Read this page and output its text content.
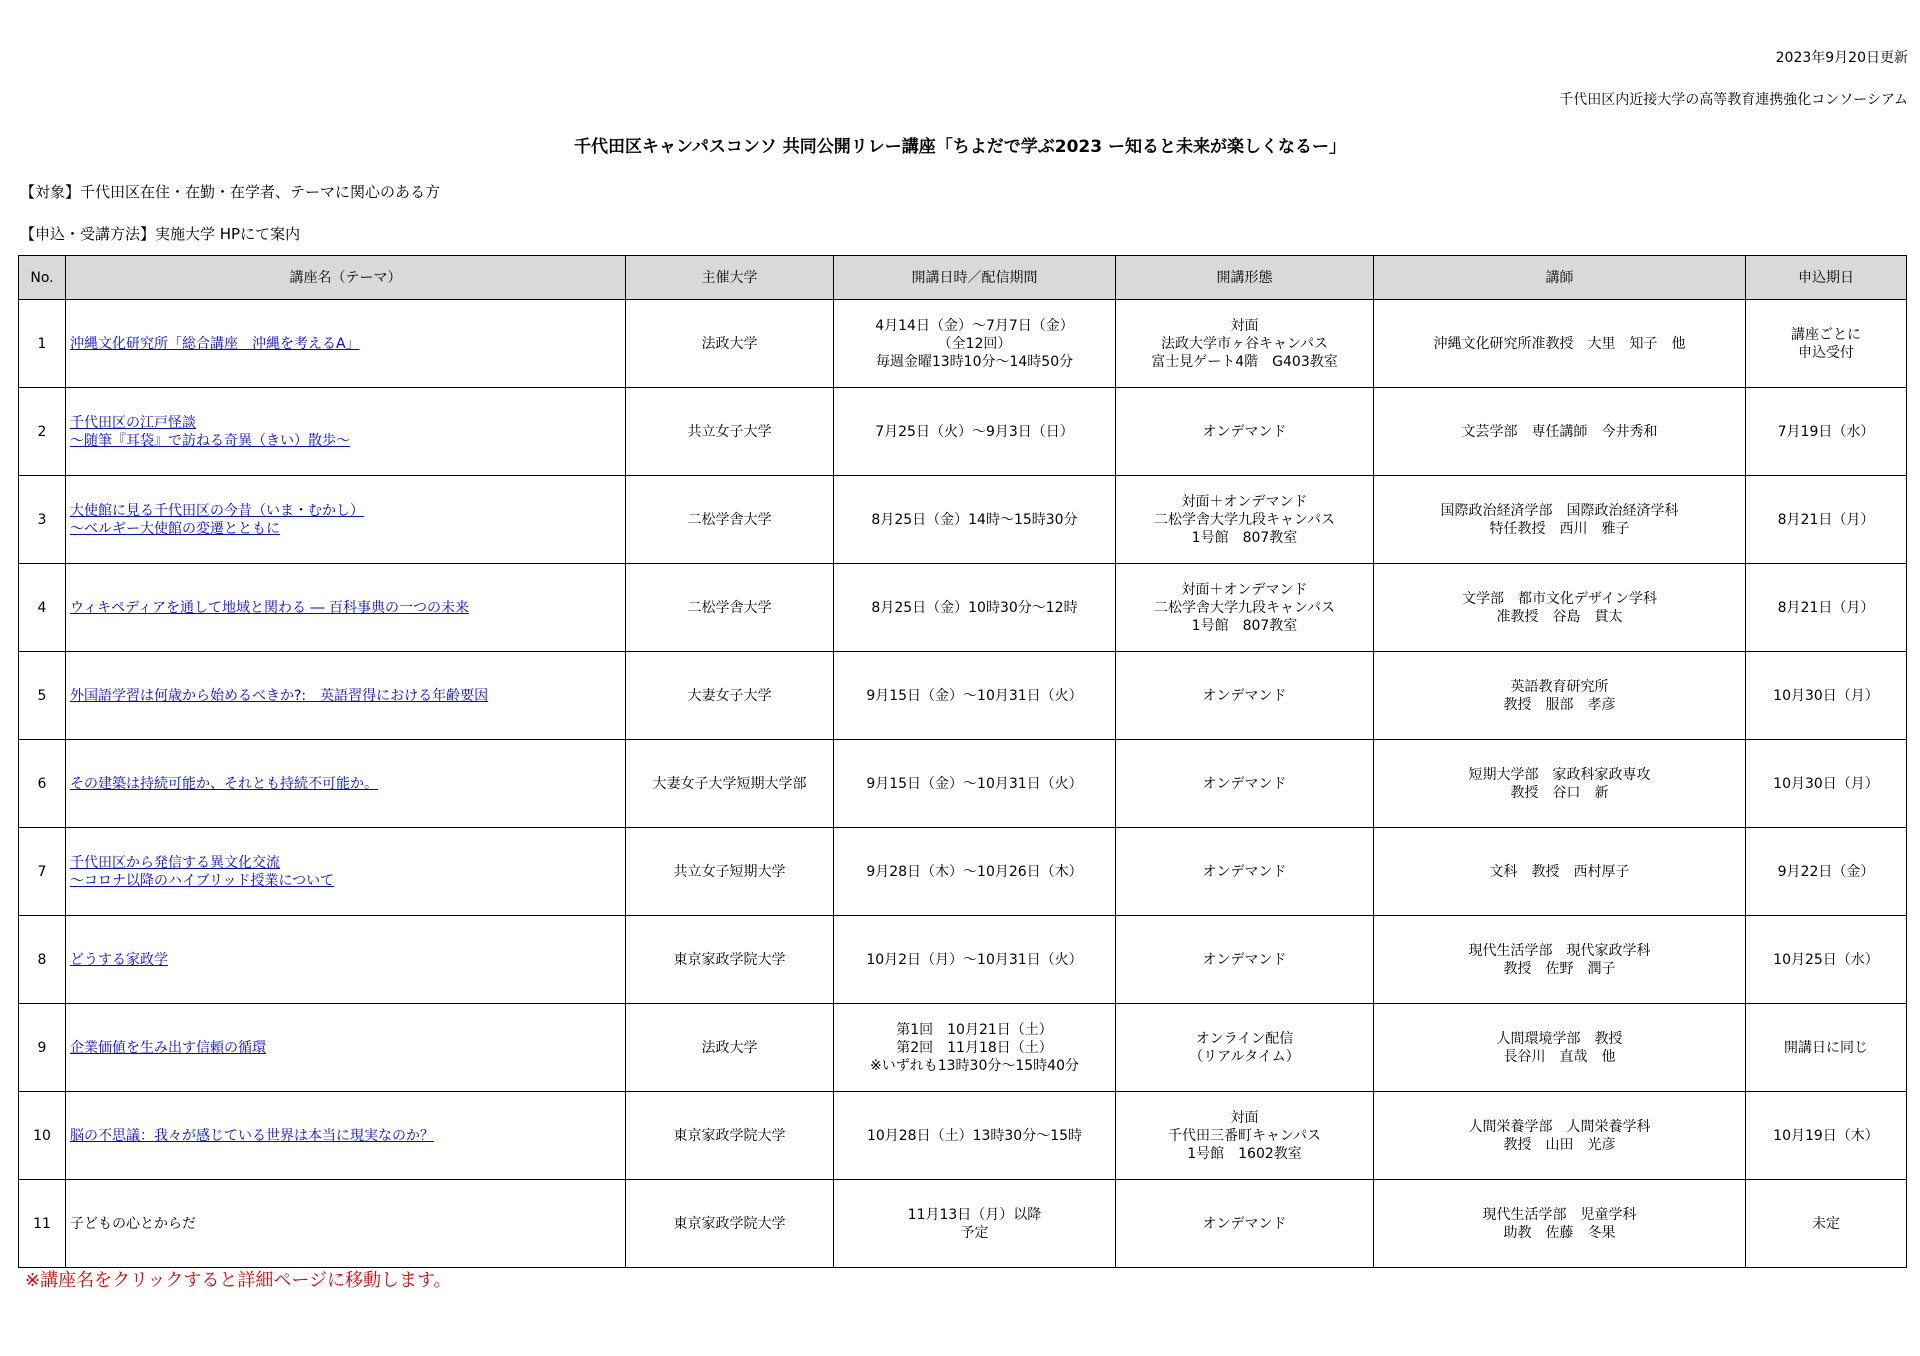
2023年9月20日更新
千代田区内近接大学の高等教育連携強化コンソーシアム
千代田区キャンパスコンソ 共同公開リレー講座「ちよだで学ぶ2023 ー知ると未来が楽しくなるー」
【対象】千代田区在住・在勤・在学者、テーマに関心のある方
【申込・受講方法】実施大学 HPにて案内
No.	講座名（テーマ）	主催大学	開講日時／配信期間	開講形態	講師	申込期日
1	沖縄文化研究所「総合講座　沖縄を考えるA」	法政大学	4月14日（金）～7月7日（金）
（全12回）
毎週金曜13時10分～14時50分	対面
法政大学市ヶ谷キャンパス
富士見ゲート4階　G403教室	沖縄文化研究所准教授　大里　知子　他	講座ごとに
申込受付
2	千代田区の江戸怪談
～随筆『耳袋』で訪ねる奇異（きい）散歩～	共立女子大学	7月25日（火）～9月3日（日）	オンデマンド	文芸学部　専任講師　今井秀和	7月19日（水）
3	大使館に見る千代田区の今昔（いま・むかし）
～ベルギー大使館の変遷とともに	二松学舎大学	8月25日（金）14時～15時30分	対面＋オンデマンド
二松学舎大学九段キャンパス
1号館　807教室	国際政治経済学部　国際政治経済学科
特任教授　西川　雅子	8月21日（月）
4	ウィキペディアを通して地域と関わる ― 百科事典の一つの未来	二松学舎大学	8月25日（金）10時30分～12時	対面＋オンデマンド
二松学舎大学九段キャンパス
1号館　807教室	文学部　都市文化デザイン学科
准教授　谷島　貫太	8月21日（月）
5	外国語学習は何歳から始めるべきか?:　英語習得における年齢要因	大妻女子大学	9月15日（金）～10月31日（火）	オンデマンド	英語教育研究所
教授　服部　孝彦	10月30日（月）
6	その建築は持続可能か、それとも持続不可能か。	大妻女子大学短期大学部	9月15日（金）～10月31日（火）	オンデマンド	短期大学部　家政科家政専攻
教授　谷口　新	10月30日（月）
7	千代田区から発信する異文化交流
～コロナ以降のハイブリッド授業について	共立女子短期大学	9月28日（木）～10月26日（木）	オンデマンド	文科　教授　西村厚子	9月22日（金）
8	どうする家政学	東京家政学院大学	10月2日（月）～10月31日（火）	オンデマンド	現代生活学部　現代家政学科
教授　佐野　潤子	10月25日（水）
9	企業価値を生み出す信頼の循環	法政大学	第1回　10月21日（土）
第2回　11月18日（土）
※いずれも13時30分～15時40分	オンライン配信
（リアルタイム）	人間環境学部　教授
長谷川　直哉　他	開講日に同じ
10	脳の不思議：我々が感じている世界は本当に現実なのか？	東京家政学院大学	10月28日（土）13時30分～15時	対面
千代田三番町キャンパス
1号館　1602教室	人間栄養学部　人間栄養学科
教授　山田　光彦	10月19日（木）
11	子どもの心とからだ	東京家政学院大学	11月13日（月）以降
予定	オンデマンド	現代生活学部　児童学科
助教　佐藤　冬果	未定
※講座名をクリックすると詳細ページに移動します。
